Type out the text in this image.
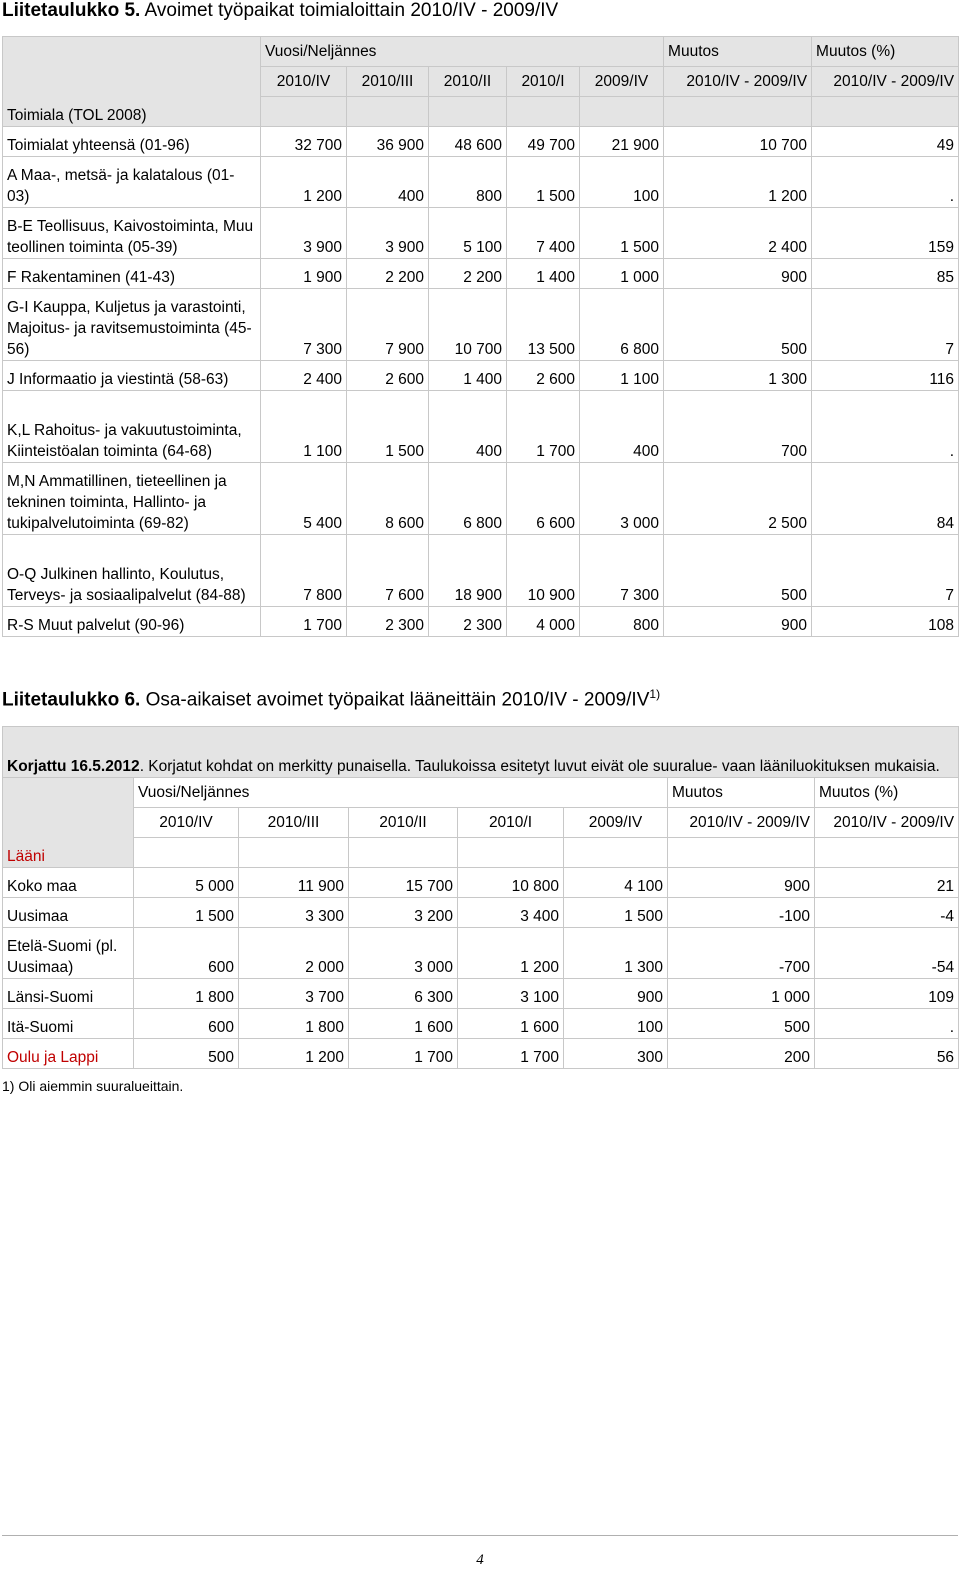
Liitetaulukko 5. Avoimet työpaikat toimialoittain 2010/IV - 2009/IV
Toimiala (TOL 2008)	Vuosi/Neljännes					Muutos	Muutos (%)
	2010/IV	2010/III	2010/II	2010/I	2009/IV	2010/IV - 2009/IV	2010/IV - 2009/IV

Toimialat yhteensä (01-96)	32 700	36 900	48 600	49 700	21 900	10 700	49
A Maa-, metsä- ja kalatalous (01-03)	1 200	400	800	1 500	100	1 200	.
B-E Teollisuus, Kaivostoiminta, Muu teollinen toiminta (05-39)	3 900	3 900	5 100	7 400	1 500	2 400	159
F Rakentaminen (41-43)	1 900	2 200	2 200	1 400	1 000	900	85
G-I Kauppa, Kuljetus ja varastointi, Majoitus- ja ravitsemustoiminta (45-56)	7 300	7 900	10 700	13 500	6 800	500	7
J Informaatio ja viestintä (58-63)	2 400	2 600	1 400	2 600	1 100	1 300	116
K,L Rahoitus- ja vakuutustoiminta, Kiinteistöalan toiminta (64-68)	1 100	1 500	400	1 700	400	700	.
M,N Ammatillinen, tieteellinen ja tekninen toiminta, Hallinto- ja tukipalvelutoiminta (69-82)	5 400	8 600	6 800	6 600	3 000	2 500	84
O-Q Julkinen hallinto, Koulutus, Terveys- ja sosiaalipalvelut (84-88)	7 800	7 600	18 900	10 900	7 300	500	7
R-S Muut palvelut (90-96)	1 700	2 300	2 300	4 000	800	900	108
Liitetaulukko 6. Osa-aikaiset avoimet työpaikat lääneittäin 2010/IV - 2009/IV$^{1)}$
Korjattu 16.5.2012. Korjatut kohdat on merkitty punaisella. Taulukoissa esitetyt luvut eivät ole suuralue- vaan lääniluokituksen mukaisia.							
Lääni	Vuosi/Neljännes					Muutos	Muutos (%)
	2010/IV	2010/III	2010/II	2010/I	2009/IV	2010/IV - 2009/IV	2010/IV - 2009/IV

Koko maa	5 000	11 900	15 700	10 800	4 100	900	21
Uusimaa	1 500	3 300	3 200	3 400	1 500	-100	-4
Etelä-Suomi (pl. Uusimaa)	600	2 000	3 000	1 200	1 300	-700	-54
Länsi-Suomi	1 800	3 700	6 300	3 100	900	1 000	109
Itä-Suomi	600	1 800	1 600	1 600	100	500	.
Oulu ja Lappi	500	1 200	1 700	1 700	300	200	56
1) Oli aiemmin suuralueittain.
4
